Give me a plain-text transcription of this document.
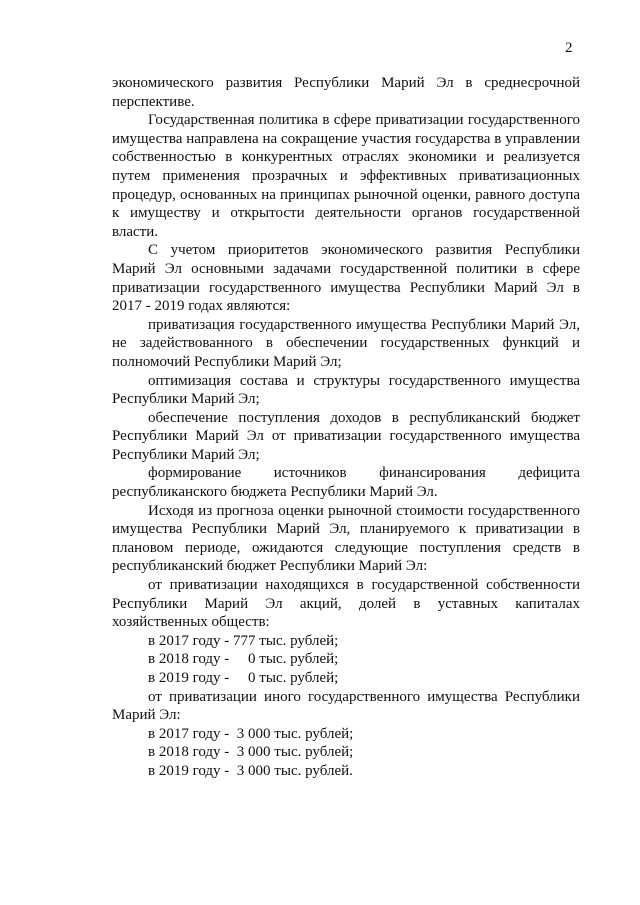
2

экономического развития Республики Марий Эл в среднесрочной перспективе.

Государственная политика в сфере приватизации государственного имущества направлена на сокращение участия государства в управлении собственностью в конкурентных отраслях экономики и реализуется путем применения прозрачных и эффективных приватизационных процедур, основанных на принципах рыночной оценки, равного доступа к имуществу и открытости деятельности органов государственной власти.

С учетом приоритетов экономического развития Республики Марий Эл основными задачами государственной политики в сфере приватизации государственного имущества Республики Марий Эл в 2017 - 2019 годах являются:

приватизация государственного имущества Республики Марий Эл, не задействованного в обеспечении государственных функций и полномочий Республики Марий Эл;

оптимизация состава и структуры государственного имущества Республики Марий Эл;

обеспечение поступления доходов в республиканский бюджет Республики Марий Эл от приватизации государственного имущества Республики Марий Эл;

формирование источников финансирования дефицита республиканского бюджета Республики Марий Эл.

Исходя из прогноза оценки рыночной стоимости государственного имущества Республики Марий Эл, планируемого к приватизации в плановом периоде, ожидаются следующие поступления средств в республиканский бюджет Республики Марий Эл:

от приватизации находящихся в государственной собственности Республики Марий Эл акций, долей в уставных капиталах хозяйственных обществ:

в 2017 году - 777 тыс. рублей;

в 2018 году -     0 тыс. рублей;

в 2019 году -     0 тыс. рублей;

от приватизации иного государственного имущества Республики Марий Эл:

в 2017 году -  3 000 тыс. рублей;

в 2018 году -  3 000 тыс. рублей;

в 2019 году -  3 000 тыс. рублей.
